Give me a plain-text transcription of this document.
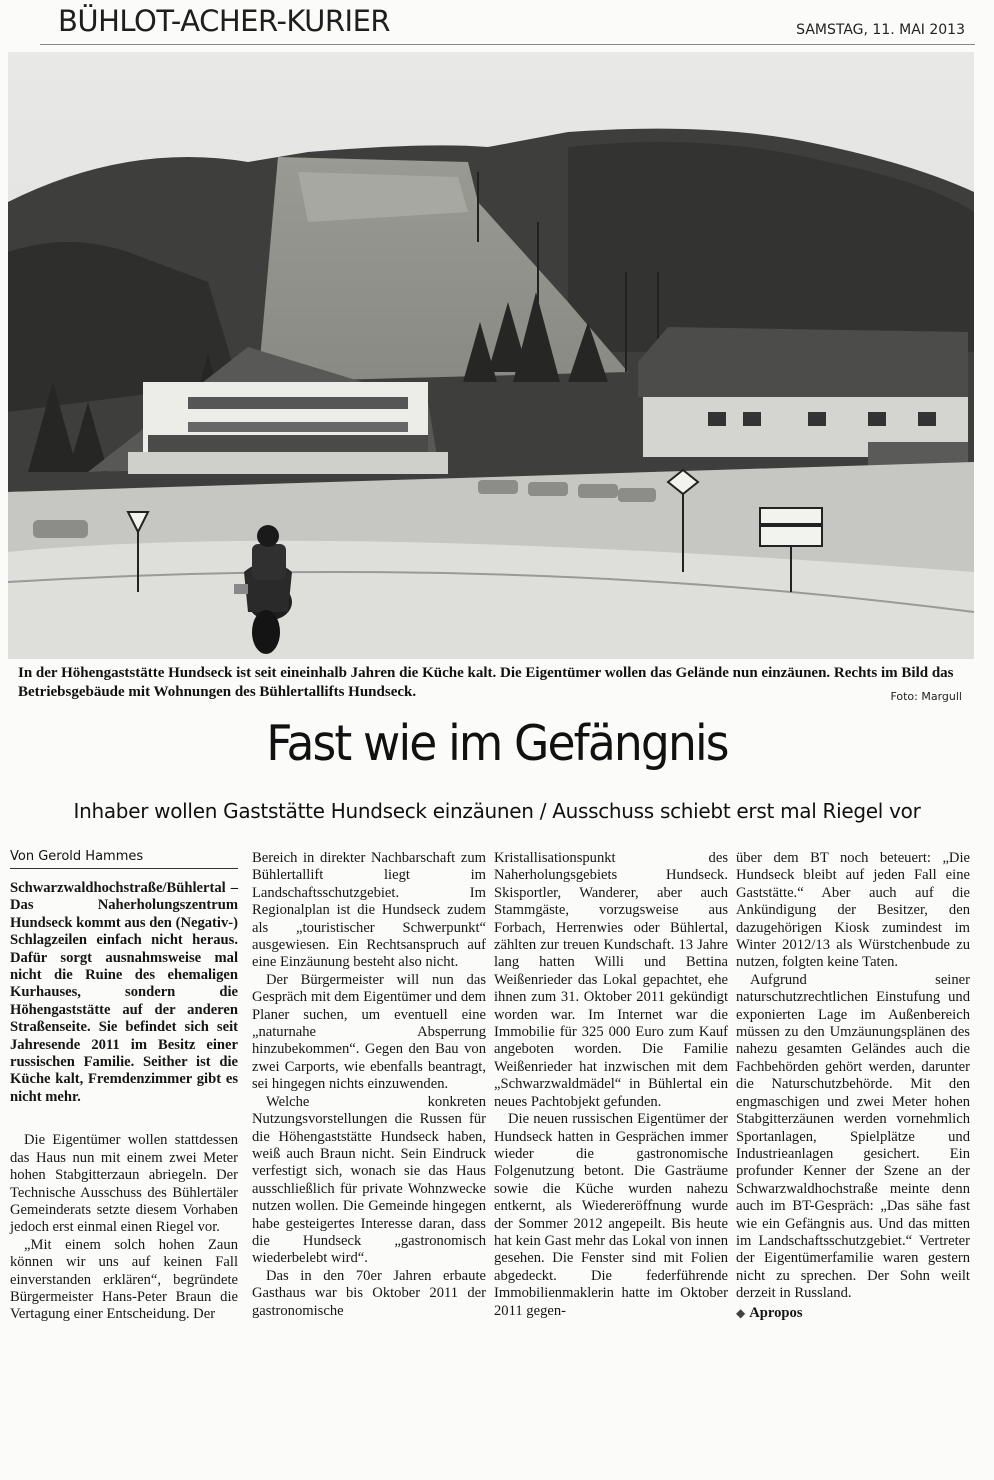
BÜHLOT-ACHER-KURIER	SAMSTAG, 11. MAI 2013
In der Höhengaststätte Hundseck ist seit eineinhalb Jahren die Küche kalt. Die Eigentümer wollen das Gelände nun einzäunen. Rechts im Bild das Betriebsgebäude mit Wohnungen des Bühlertallifts Hundseck.	Foto: Margull
Fast wie im Gefängnis
Inhaber wollen Gaststätte Hundseck einzäunen / Ausschuss schiebt erst mal Riegel vor
Von Gerold Hammes

Schwarzwaldhochstraße/Bühlertal – Das Naherholungszentrum Hundseck kommt aus den (Negativ-) Schlagzeilen einfach nicht heraus. Dafür sorgt ausnahmsweise mal nicht die Ruine des ehemaligen Kurhauses, sondern die Höhengaststätte auf der anderen Straßenseite. Sie befindet sich seit Jahresende 2011 im Besitz einer russischen Familie. Seither ist die Küche kalt, Fremdenzimmer gibt es nicht mehr.

Die Eigentümer wollen stattdessen das Haus nun mit einem zwei Meter hohen Stabgitterzaun abriegeln. Der Technische Ausschuss des Bühlertäler Gemeinderats setzte diesem Vorhaben jedoch erst einmal einen Riegel vor.

„Mit einem solch hohen Zaun können wir uns auf keinen Fall einverstanden erklären“, begründete Bürgermeister Hans-Peter Braun die Vertagung einer Entscheidung. Der

Bereich in direkter Nachbarschaft zum Bühlertallift liegt im Landschaftsschutzgebiet. Im Regionalplan ist die Hundseck zudem als „touristischer Schwerpunkt“ ausgewiesen. Ein Rechtsanspruch auf eine Einzäunung besteht also nicht.

Der Bürgermeister will nun das Gespräch mit dem Eigentümer und dem Planer suchen, um eventuell eine „naturnahe Absperrung hinzubekommen“. Gegen den Bau von zwei Carports, wie ebenfalls beantragt, sei hingegen nichts einzuwenden.

Welche konkreten Nutzungsvorstellungen die Russen für die Höhengaststätte Hundseck haben, weiß auch Braun nicht. Sein Eindruck verfestigt sich, wonach sie das Haus ausschließlich für private Wohnzwecke nutzen wollen. Die Gemeinde hingegen habe gesteigertes Interesse daran, dass die Hundseck „gastronomisch wiederbelebt wird“.

Das in den 70er Jahren erbaute Gasthaus war bis Oktober 2011 der gastronomische

Kristallisationspunkt des Naherholungsgebiets Hundseck. Skisportler, Wanderer, aber auch Stammgäste, vorzugsweise aus Forbach, Herrenwies oder Bühlertal, zählten zur treuen Kundschaft. 13 Jahre lang hatten Willi und Bettina Weißenrieder das Lokal gepachtet, ehe ihnen zum 31. Oktober 2011 gekündigt worden war. Im Internet war die Immobilie für 325 000 Euro zum Kauf angeboten worden. Die Familie Weißenrieder hat inzwischen mit dem „Schwarzwaldmädel“ in Bühlertal ein neues Pachtobjekt gefunden.

Die neuen russischen Eigentümer der Hundseck hatten in Gesprächen immer wieder die gastronomische Folgenutzung betont. Die Gasträume sowie die Küche wurden nahezu entkernt, als Wiedereröffnung wurde der Sommer 2012 angepeilt. Bis heute hat kein Gast mehr das Lokal von innen gesehen. Die Fenster sind mit Folien abgedeckt. Die federführende Immobilienmaklerin hatte im Oktober 2011 gegen-

über dem BT noch beteuert: „Die Hundseck bleibt auf jeden Fall eine Gaststätte.“ Aber auch auf die Ankündigung der Besitzer, den dazugehörigen Kiosk zumindest im Winter 2012/13 als Würstchenbude zu nutzen, folgten keine Taten.

Aufgrund seiner naturschutzrechtlichen Einstufung und exponierten Lage im Außenbereich müssen zu den Umzäunungsplänen des nahezu gesamten Geländes auch die Fachbehörden gehört werden, darunter die Naturschutzbehörde. Mit den engmaschigen und zwei Meter hohen Stabgitterzäunen werden vornehmlich Sportanlagen, Spielplätze und Industrieanlagen gesichert. Ein profunder Kenner der Szene an der Schwarzwaldhochstraße meinte denn auch im BT-Gespräch: „Das sähe fast wie ein Gefängnis aus. Und das mitten im Landschaftsschutzgebiet.“ Vertreter der Eigentümerfamilie waren gestern nicht zu sprechen. Der Sohn weilt derzeit in Russland.

◆ Apropos
